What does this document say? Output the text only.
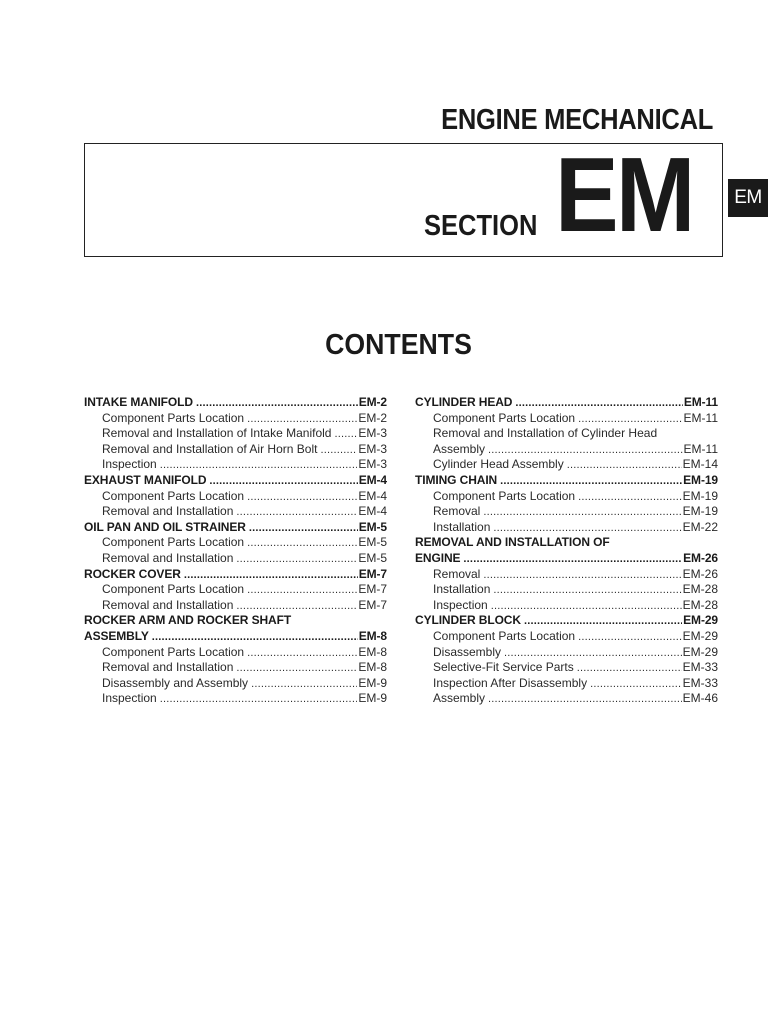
ENGINE MECHANICAL
SECTION EM	EM
CONTENTS
INTAKE MANIFOLD .....	EM-2
Component Parts Location .....	EM-2
Removal and Installation of Intake Manifold ..... EM-3
Removal and Installation of Air Horn Bolt .....	EM-3
Inspection .....	EM-3
EXHAUST MANIFOLD .....	EM-4
Component Parts Location .....	EM-4
Removal and Installation .....	EM-4
OIL PAN AND OIL STRAINER .....	EM-5
Component Parts Location .....	EM-5
Removal and Installation .....	EM-5
ROCKER COVER .....	EM-7
Component Parts Location .....	EM-7
Removal and Installation .....	EM-7
ROCKER ARM AND ROCKER SHAFT
ASSEMBLY .....	EM-8
Component Parts Location .....	EM-8
Removal and Installation .....	EM-8
Disassembly and Assembly .....	EM-9
Inspection .....	EM-9
CYLINDER HEAD .....	EM-11
Component Parts Location .....	EM-11
Removal and Installation of Cylinder Head
Assembly .....	EM-11
Cylinder Head Assembly .....	EM-14
TIMING CHAIN .....	EM-19
Component Parts Location .....	EM-19
Removal .....	EM-19
Installation .....	EM-22
REMOVAL AND INSTALLATION OF
ENGINE .....	EM-26
Removal .....	EM-26
Installation .....	EM-28
Inspection .....	EM-28
CYLINDER BLOCK .....	EM-29
Component Parts Location .....	EM-29
Disassembly .....	EM-29
Selective-Fit Service Parts .....	EM-33
Inspection After Disassembly .....	EM-33
Assembly .....	EM-46
